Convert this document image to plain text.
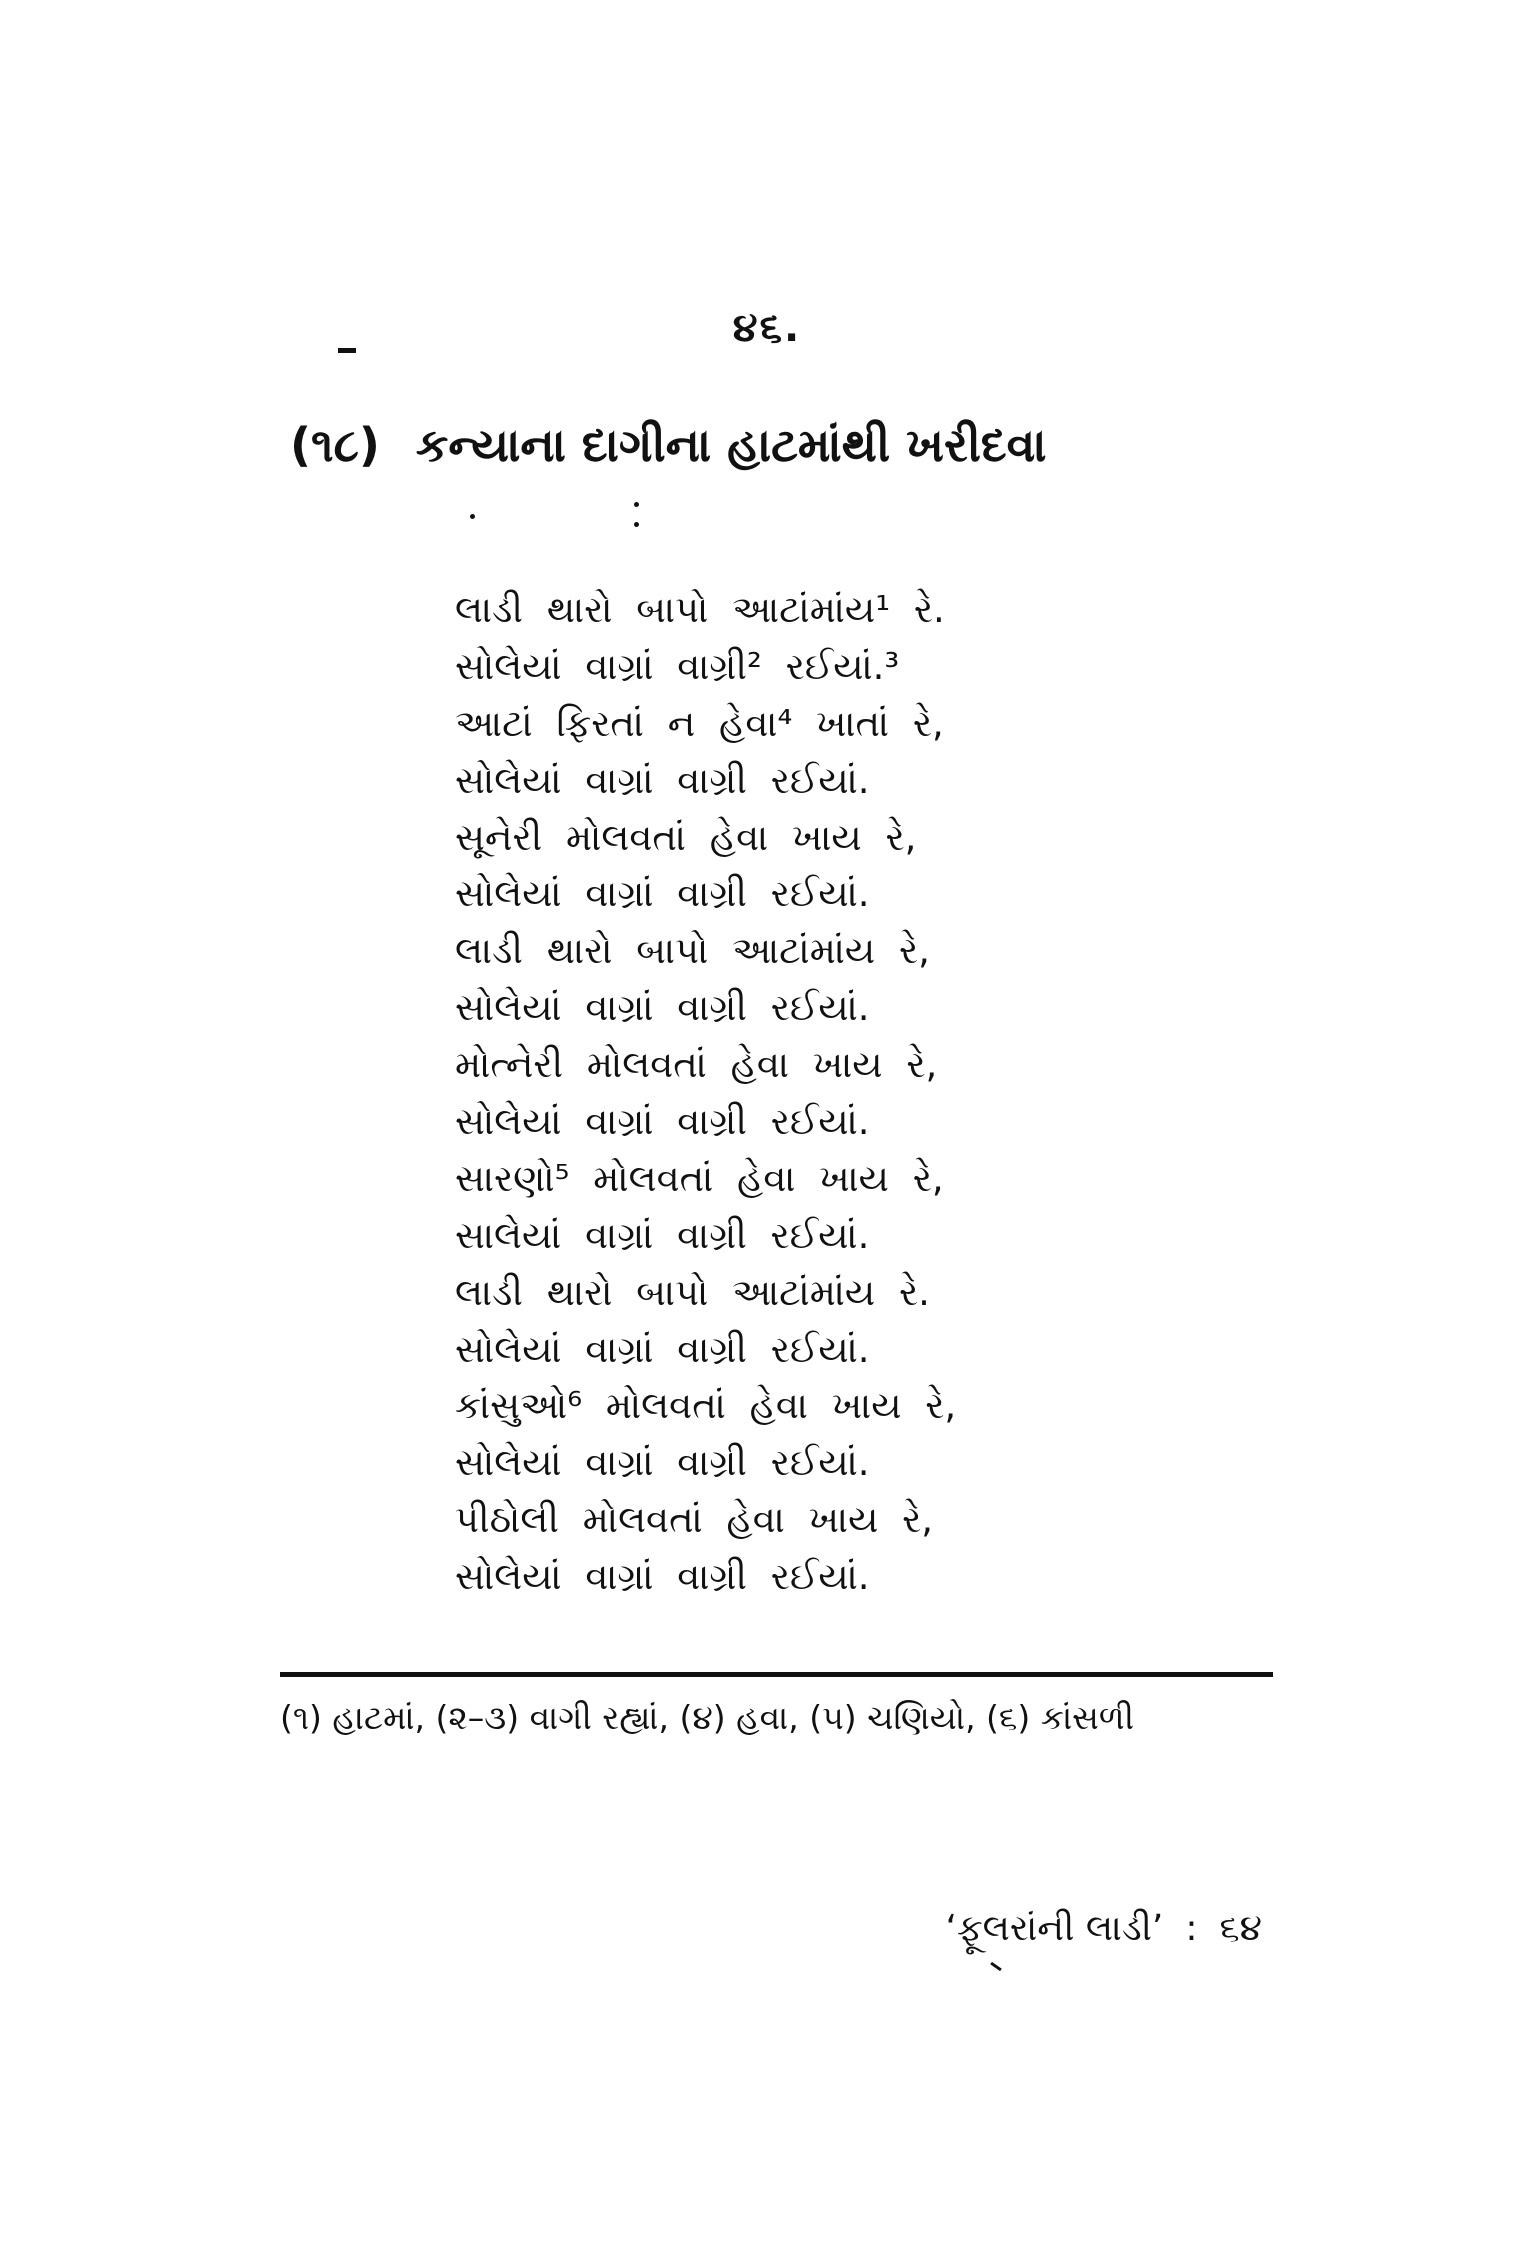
૪૬.
(૧૮) કન્યાના દાગીના હાટમાંથી ખરીદવા
લાડી થારો બાપો આટાંમાંય¹ રે.
સોલેયાં વાગ્રાં વાગ્રી² રઈયાં.³
આટાં ફિરતાં ન હેવા⁴ ખાતાં રે,
સોલેયાં વાગ્રાં વાગ્રી રઈયાં.
સૂનેરી મોલવતાં હેવા ખાય રે,
સોલેયાં વાગ્રાં વાગ્રી રઈયાં.
લાડી થારો બાપો આટાંમાંય રે,
સોલેયાં વાગ્રાં વાગ્રી રઈયાં.
મોત્નેરી મોલવતાં હેવા ખાય રે,
સોલેયાં વાગ્રાં વાગ્રી રઈયાં.
સારણો⁵ મોલવતાં હેવા ખાય રે,
સાલેયાં વાગ્રાં વાગ્રી રઈયાં.
લાડી થારો બાપો આટાંમાંય રે.
સોલેયાં વાગ્રાં વાગ્રી રઈયાં.
કાંસુઓ⁶ મોલવતાં હેવા ખાય રે,
સોલેયાં વાગ્રાં વાગ્રી રઈયાં.
પીઠોલી મોલવતાં હેવા ખાય રે,
સોલેયાં વાગ્રાં વાગ્રી રઈયાં.
(૧) હાટમાં, (૨–૩) વાગી રહ્યાં, (૪) હવા, (૫) ચણિયો, (૬) કાંસળી
‘ફૂલરાંની લાડી’ : ૬૪
